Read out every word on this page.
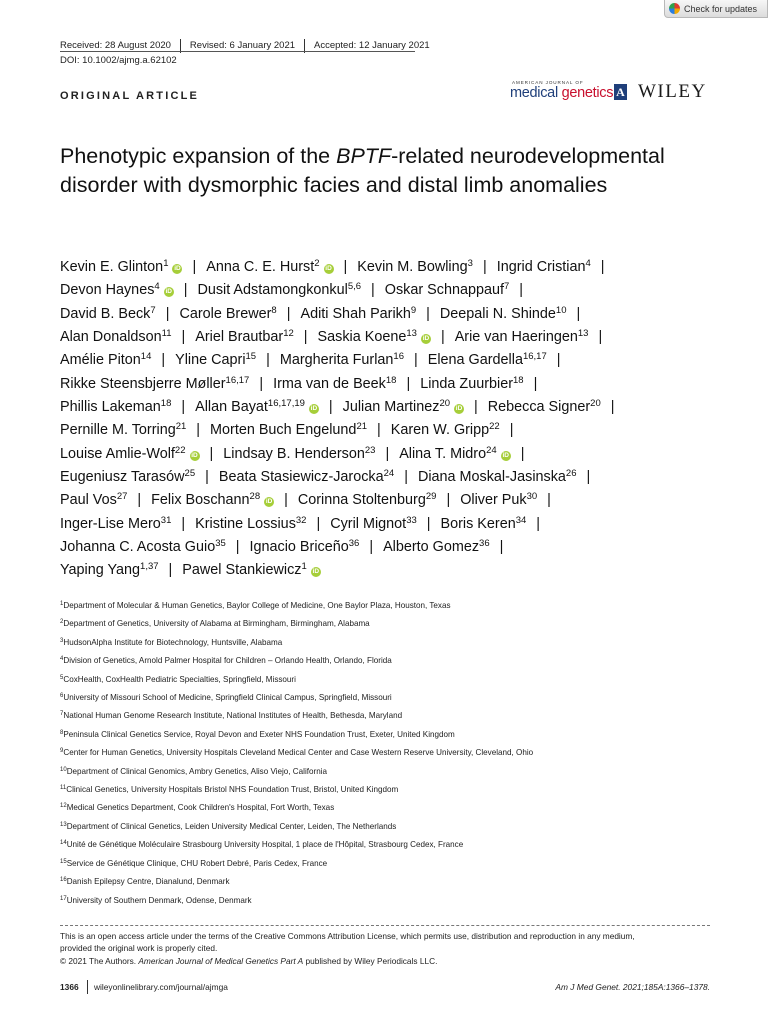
Check for updates
Received: 28 August 2020	Revised: 6 January 2021	Accepted: 12 January 2021
DOI: 10.1002/ajmg.a.62102
ORIGINAL ARTICLE
AMERICAN JOURNAL OF
medical genetics A WILEY
Phenotypic expansion of the BPTF-related neurodevelopmental disorder with dysmorphic facies and distal limb anomalies
Kevin E. Glinton$^1$ iD | Anna C. E. Hurst$^2$ iD | Kevin M. Bowling$^3$ | Ingrid Cristian$^4$ |
Devon Haynes$^4$ iD | Dusit Adstamongkonkul$^{5,6}$ | Oskar Schnappauf$^7$ |
David B. Beck$^7$ | Carole Brewer$^8$ | Aditi Shah Parikh$^9$ | Deepali N. Shinde$^{10}$ |
Alan Donaldson$^{11}$ | Ariel Brautbar$^{12}$ | Saskia Koene$^{13}$ iD | Arie van Haeringen$^{13}$ |
Amélie Piton$^{14}$ | Yline Capri$^{15}$ | Margherita Furlan$^{16}$ | Elena Gardella$^{16,17}$ |
Rikke Steensbjerre Møller$^{16,17}$ | Irma van de Beek$^{18}$ | Linda Zuurbier$^{18}$ |
Phillis Lakeman$^{18}$ | Allan Bayat$^{16,17,19}$ iD | Julian Martinez$^{20}$ iD | Rebecca Signer$^{20}$ |
Pernille M. Torring$^{21}$ | Morten Buch Engelund$^{21}$ | Karen W. Gripp$^{22}$ |
Louise Amlie-Wolf$^{22}$ iD | Lindsay B. Henderson$^{23}$ | Alina T. Midro$^{24}$ iD |
Eugeniusz Tarasów$^{25}$ | Beata Stasiewicz-Jarocka$^{24}$ | Diana Moskal-Jasinska$^{26}$ |
Paul Vos$^{27}$ | Felix Boschann$^{28}$ iD | Corinna Stoltenburg$^{29}$ | Oliver Puk$^{30}$ |
Inger-Lise Mero$^{31}$ | Kristine Lossius$^{32}$ | Cyril Mignot$^{33}$ | Boris Keren$^{34}$ |
Johanna C. Acosta Guio$^{35}$ | Ignacio Briceño$^{36}$ | Alberto Gomez$^{36}$ |
Yaping Yang$^{1,37}$ | Pawel Stankiewicz$^1$ iD
$^1$Department of Molecular & Human Genetics, Baylor College of Medicine, One Baylor Plaza, Houston, Texas
$^2$Department of Genetics, University of Alabama at Birmingham, Birmingham, Alabama
$^3$HudsonAlpha Institute for Biotechnology, Huntsville, Alabama
$^4$Division of Genetics, Arnold Palmer Hospital for Children – Orlando Health, Orlando, Florida
$^5$CoxHealth, CoxHealth Pediatric Specialties, Springfield, Missouri
$^6$University of Missouri School of Medicine, Springfield Clinical Campus, Springfield, Missouri
$^7$National Human Genome Research Institute, National Institutes of Health, Bethesda, Maryland
$^8$Peninsula Clinical Genetics Service, Royal Devon and Exeter NHS Foundation Trust, Exeter, United Kingdom
$^9$Center for Human Genetics, University Hospitals Cleveland Medical Center and Case Western Reserve University, Cleveland, Ohio
$^{10}$Department of Clinical Genomics, Ambry Genetics, Aliso Viejo, California
$^{11}$Clinical Genetics, University Hospitals Bristol NHS Foundation Trust, Bristol, United Kingdom
$^{12}$Medical Genetics Department, Cook Children's Hospital, Fort Worth, Texas
$^{13}$Department of Clinical Genetics, Leiden University Medical Center, Leiden, The Netherlands
$^{14}$Unité de Génétique Moléculaire Strasbourg University Hospital, 1 place de l'Hôpital, Strasbourg Cedex, France
$^{15}$Service de Génétique Clinique, CHU Robert Debré, Paris Cedex, France
$^{16}$Danish Epilepsy Centre, Dianalund, Denmark
$^{17}$University of Southern Denmark, Odense, Denmark
This is an open access article under the terms of the Creative Commons Attribution License, which permits use, distribution and reproduction in any medium,
provided the original work is properly cited.
© 2021 The Authors. American Journal of Medical Genetics Part A published by Wiley Periodicals LLC.
1366 wileyonlinelibrary.com/journal/ajmga	Am J Med Genet. 2021;185A:1366–1378.
